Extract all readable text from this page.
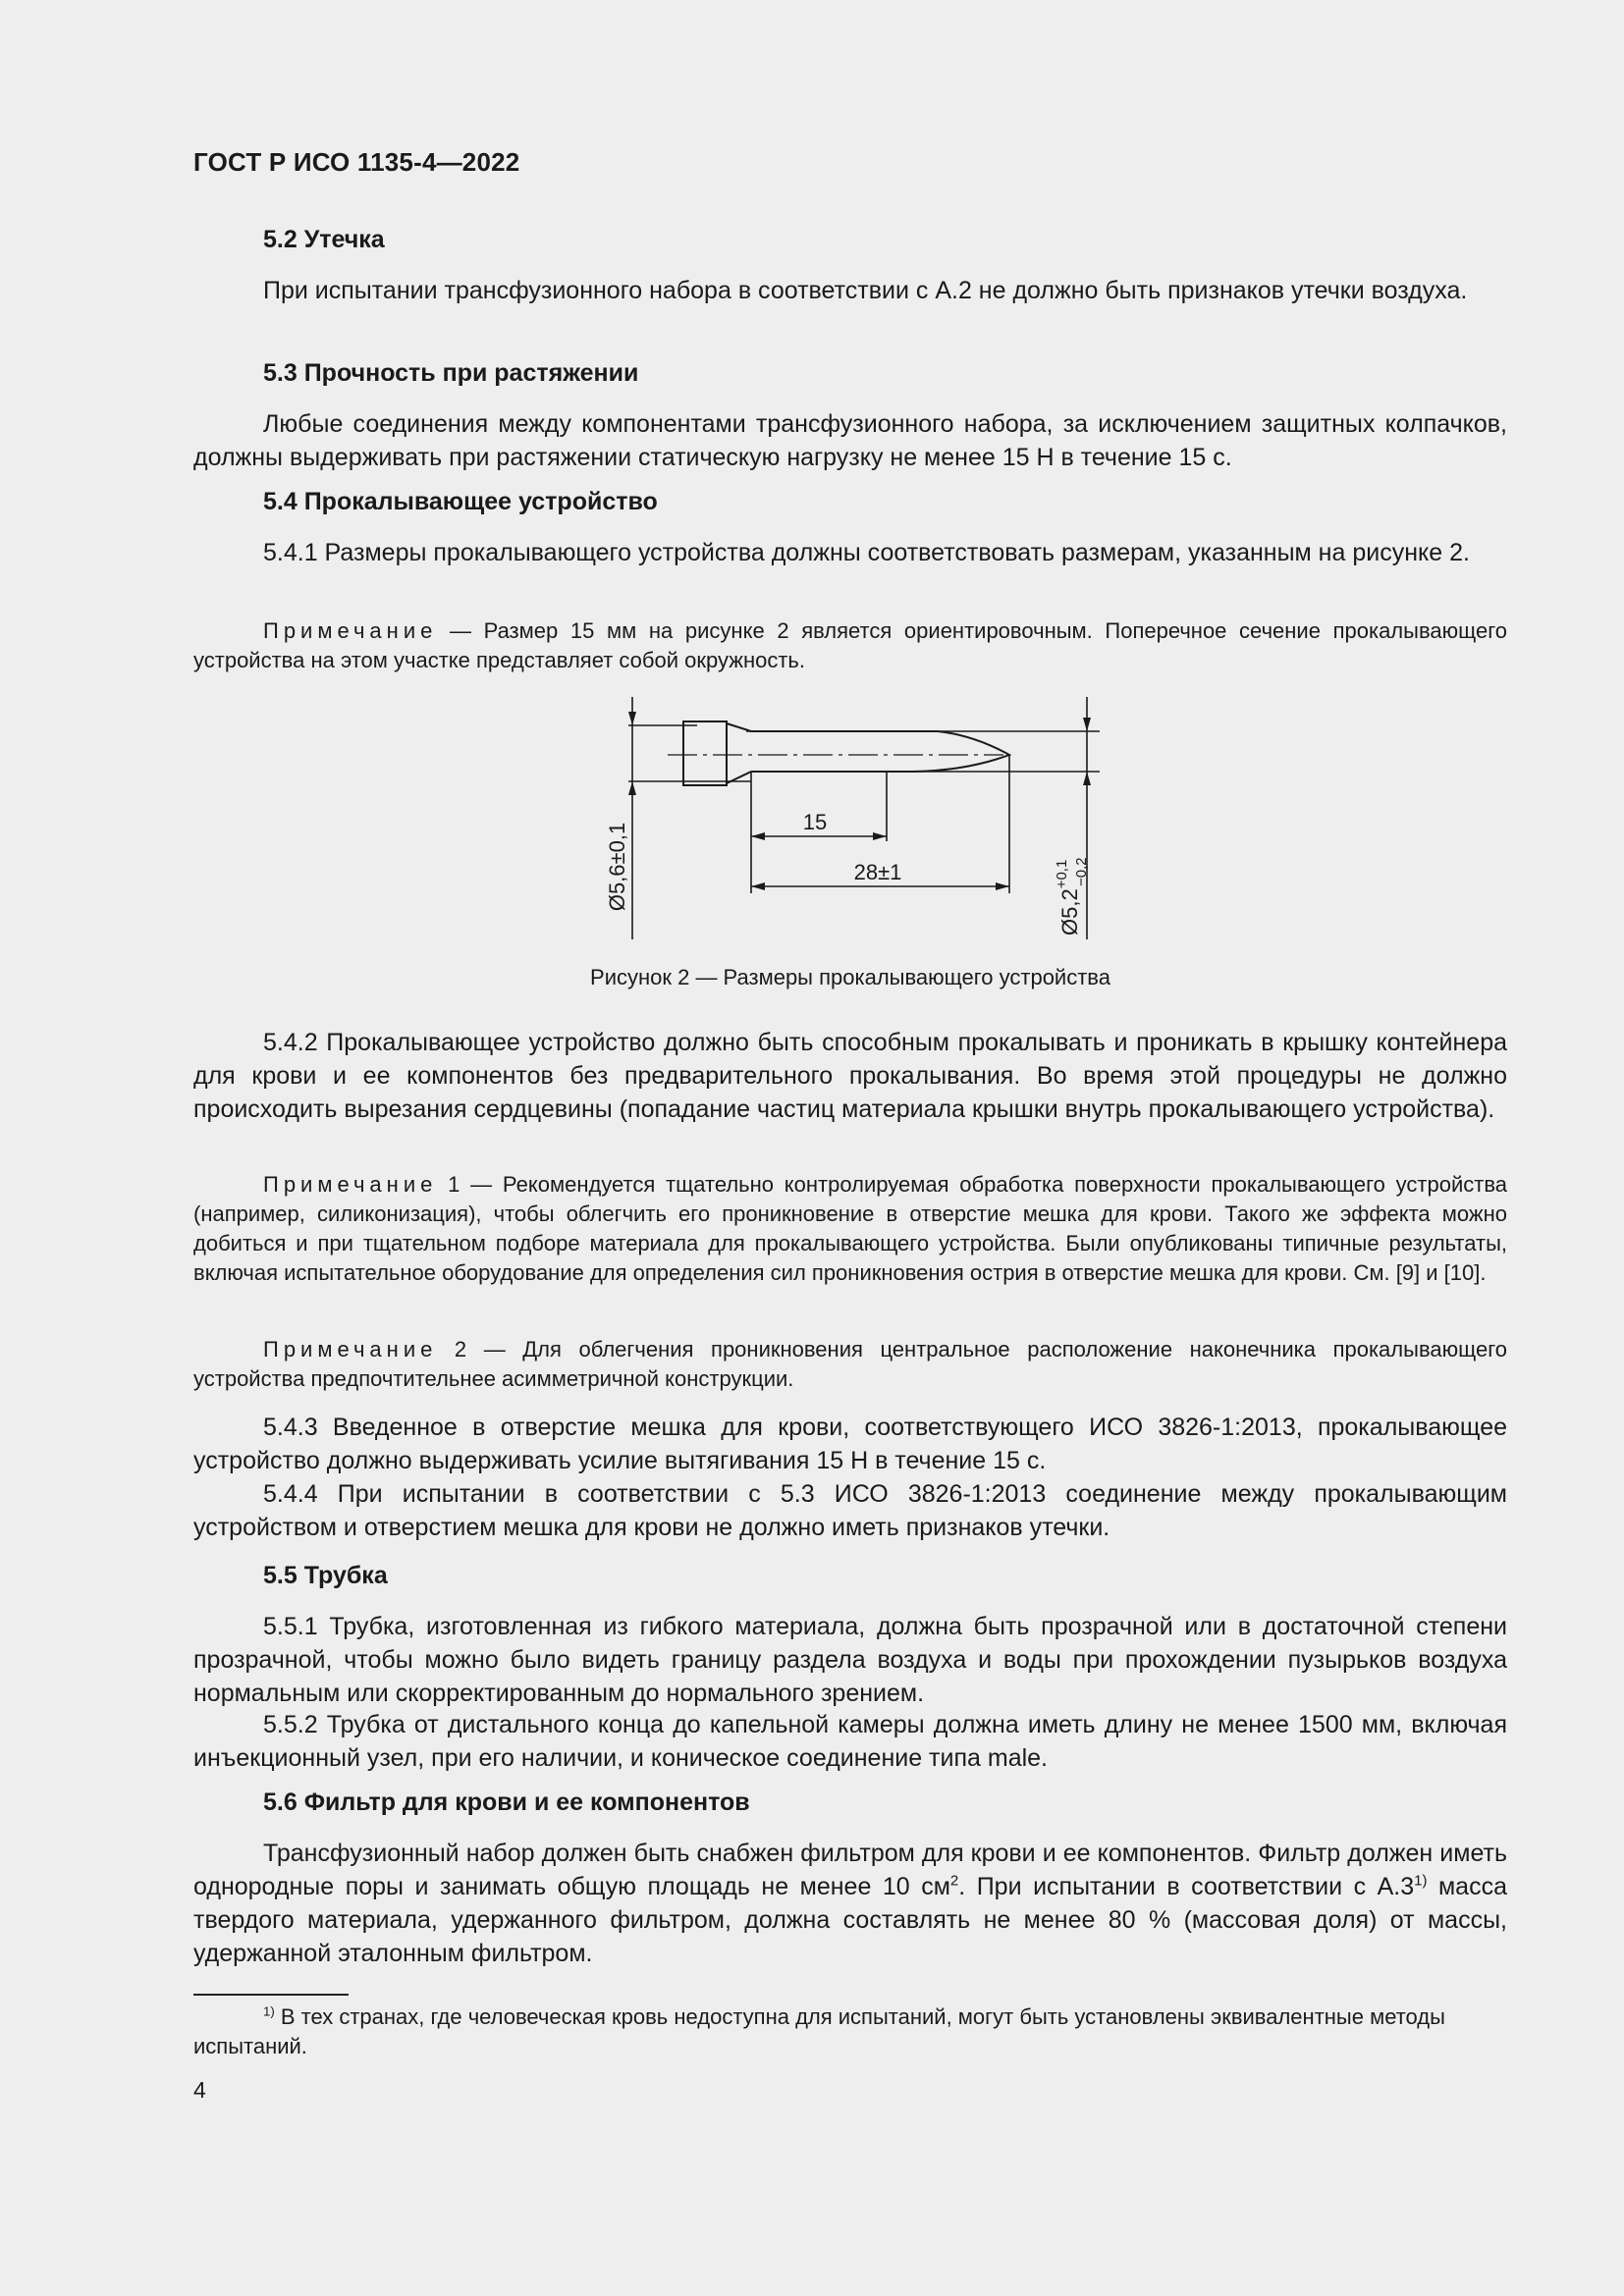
ГОСТ Р ИСО 1135-4—2022
5.2 Утечка

При испытании трансфузионного набора в соответствии с А.2 не должно быть признаков утечки воздуха.

5.3 Прочность при растяжении

Любые соединения между компонентами трансфузионного набора, за исключением защитных колпачков, должны выдерживать при растяжении статическую нагрузку не менее 15 Н в течение 15 с.

5.4 Прокалывающее устройство

5.4.1 Размеры прокалывающего устройства должны соответствовать размерам, указанным на рисунке 2.

Примечание — Размер 15 мм на рисунке 2 является ориентировочным. Поперечное сечение прокалывающего устройства на этом участке представляет собой окружность.

15
28±1
Ø5,6±0,1
$Ø5,2^{+0,1} -0,2$
Рисунок 2 — Размеры прокалывающего устройства

5.4.2 Прокалывающее устройство должно быть способным прокалывать и проникать в крышку контейнера для крови и ее компонентов без предварительного прокалывания. Во время этой процедуры не должно происходить вырезания сердцевины (попадание частиц материала крышки внутрь прокалывающего устройства).

Примечание 1 — Рекомендуется тщательно контролируемая обработка поверхности прокалывающего устройства (например, силиконизация), чтобы облегчить его проникновение в отверстие мешка для крови. Такого же эффекта можно добиться и при тщательном подборе материала для прокалывающего устройства. Были опубликованы типичные результаты, включая испытательное оборудование для определения сил проникновения острия в отверстие мешка для крови. См. [9] и [10].

Примечание 2 — Для облегчения проникновения центральное расположение наконечника прокалывающего устройства предпочтительнее асимметричной конструкции.

5.4.3 Введенное в отверстие мешка для крови, соответствующего ИСО 3826-1:2013, прокалывающее устройство должно выдерживать усилие вытягивания 15 Н в течение 15 с.

5.4.4 При испытании в соответствии с 5.3 ИСО 3826-1:2013 соединение между прокалывающим устройством и отверстием мешка для крови не должно иметь признаков утечки.

5.5 Трубка

5.5.1 Трубка, изготовленная из гибкого материала, должна быть прозрачной или в достаточной степени прозрачной, чтобы можно было видеть границу раздела воздуха и воды при прохождении пузырьков воздуха нормальным или скорректированным до нормального зрением.

5.5.2 Трубка от дистального конца до капельной камеры должна иметь длину не менее 1500 мм, включая инъекционный узел, при его наличии, и коническое соединение типа male.

5.6 Фильтр для крови и ее компонентов

Трансфузионный набор должен быть снабжен фильтром для крови и ее компонентов. Фильтр должен иметь однородные поры и занимать общую площадь не менее 10 $см^2$. При испытании в соответствии с А.3$^{1)}$ масса твердого материала, удержанного фильтром, должна составлять не менее 80 % (массовая доля) от массы, удержанной эталонным фильтром.

$^{1)}$ В тех странах, где человеческая кровь недоступна для испытаний, могут быть установлены эквивалентные методы испытаний.

4
